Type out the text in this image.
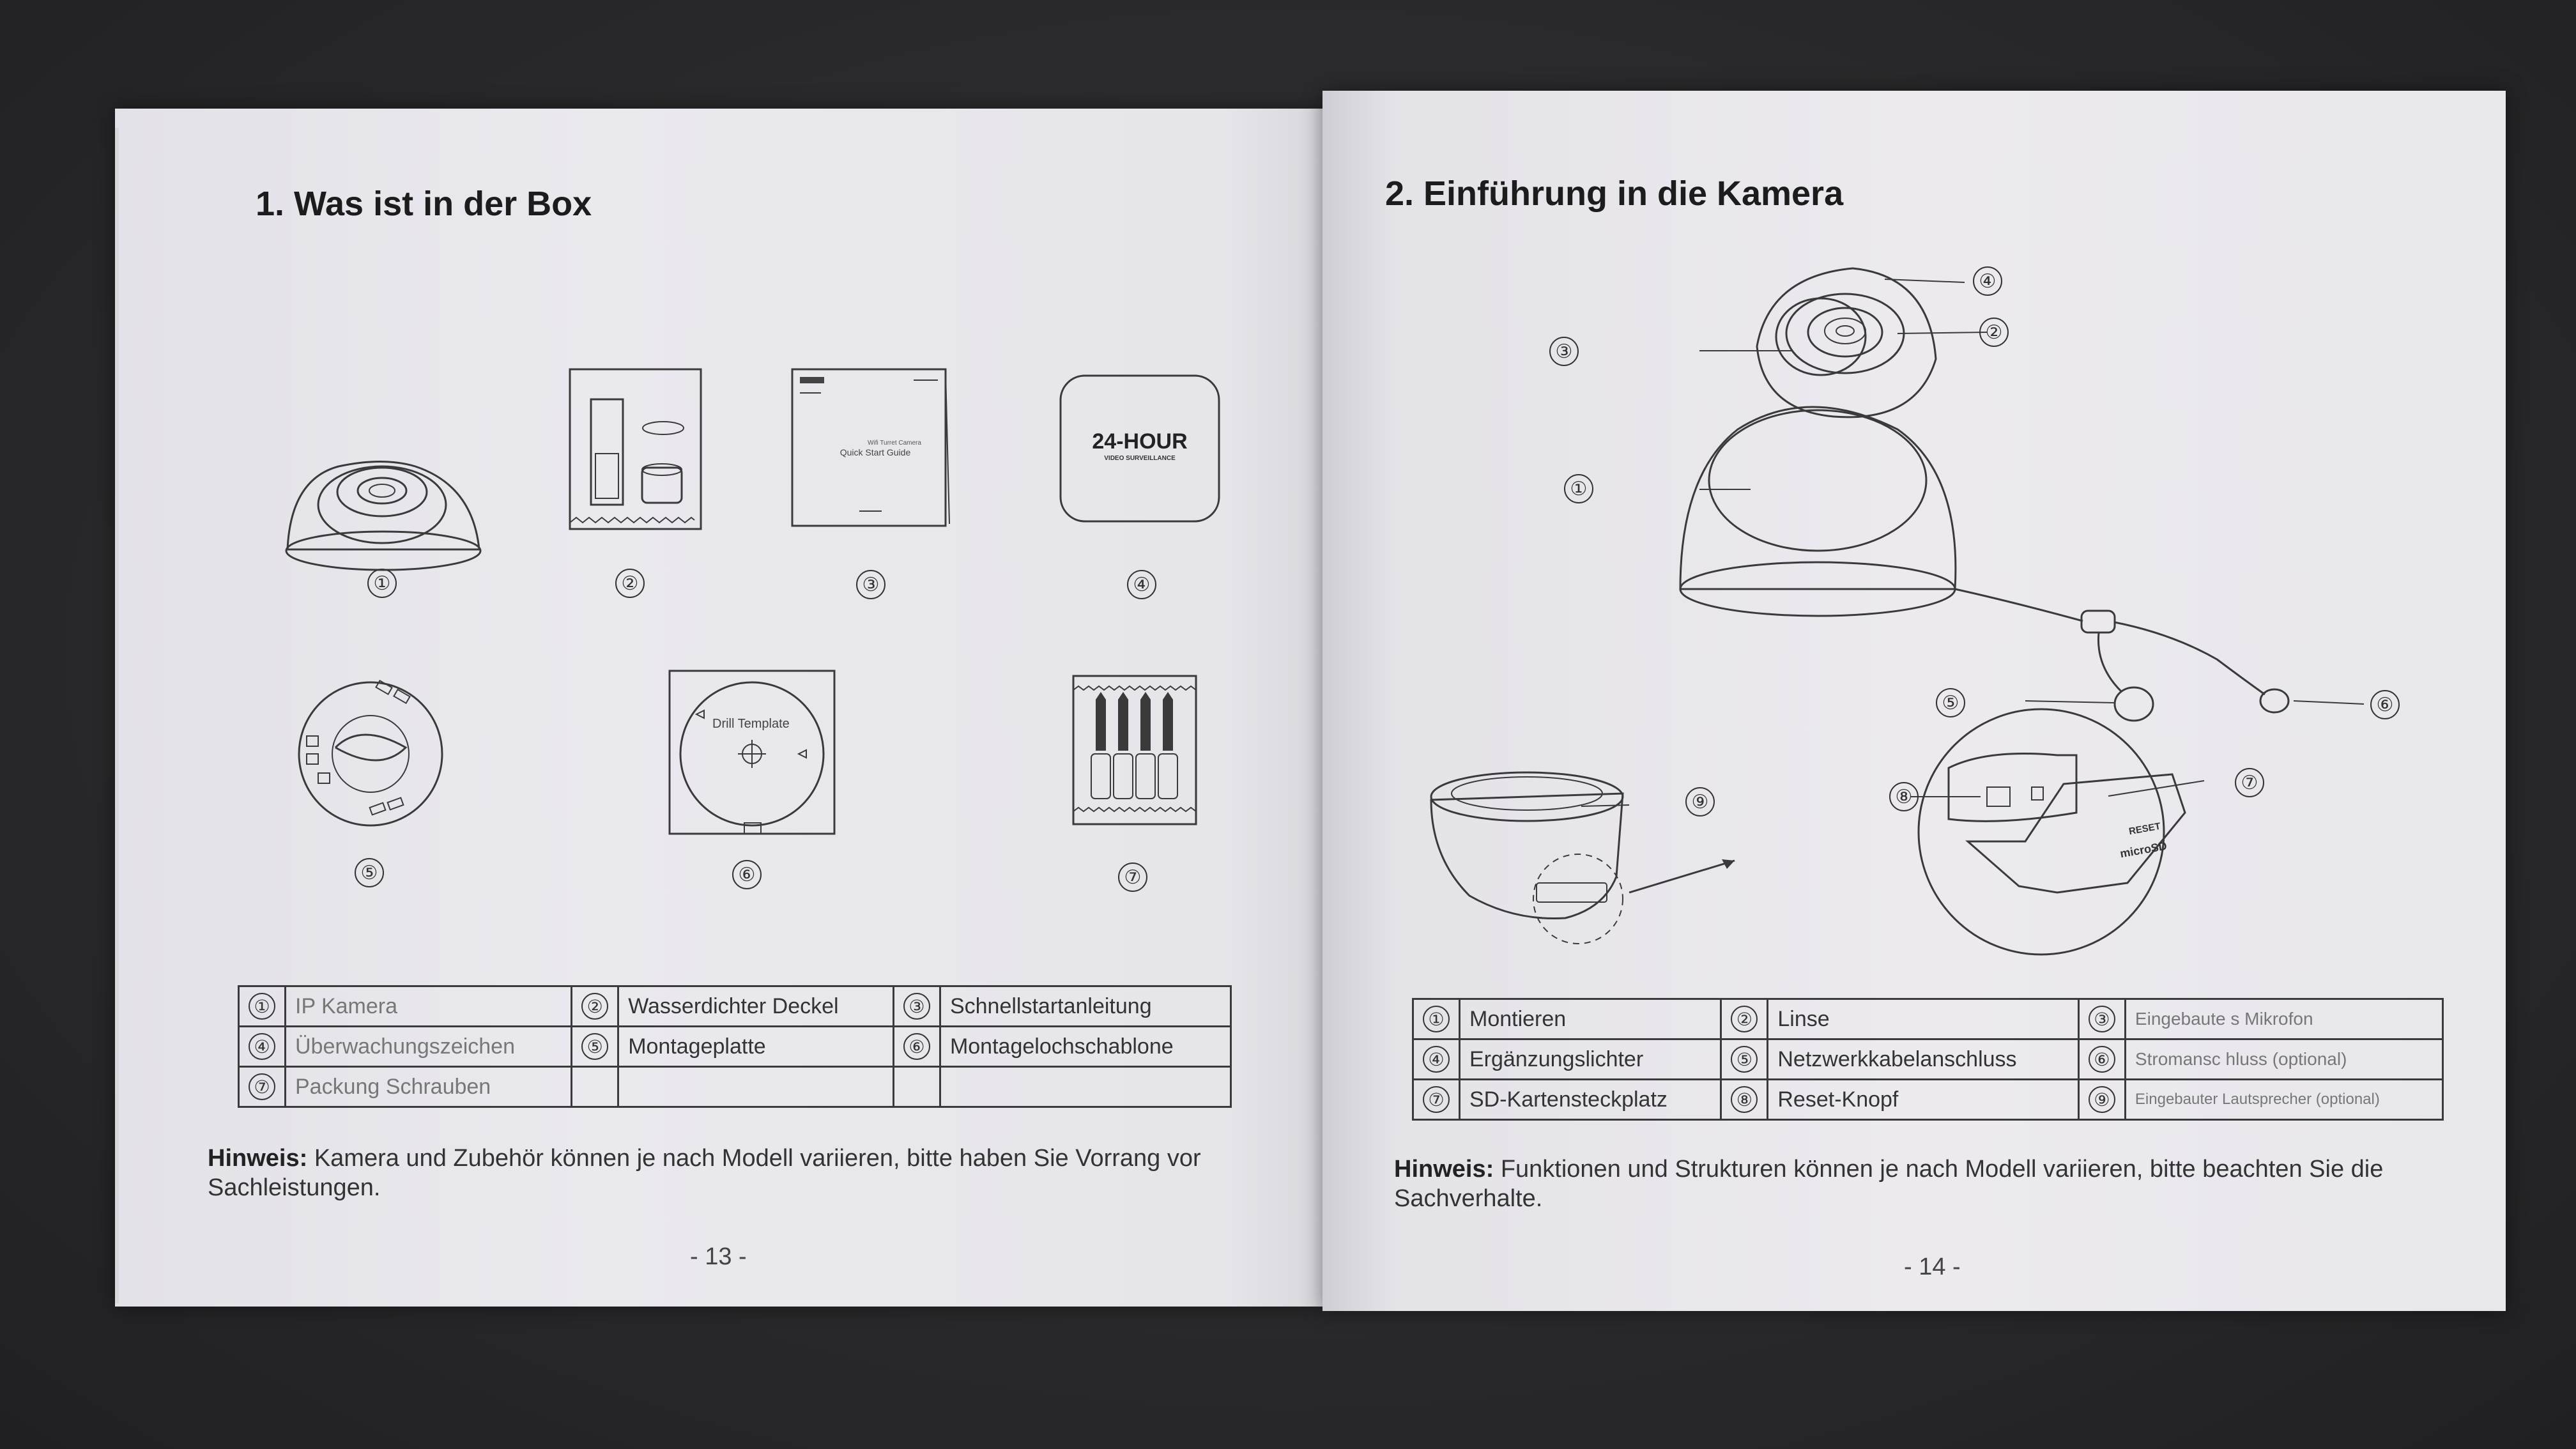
1. Was ist in der Box
Wifi Turret Camera
Quick Start Guide	24-HOUR
VIDEO SURVEILLANCE
Drill Template
①	②	③	④
⑤	⑥	⑦
①	IP Kamera	②	Wasserdichter Deckel	③	Schnellstartanleitung
④	Überwachungszeichen	⑤	Montageplatte	⑥	Montagelochschablone
⑦	Packung Schrauben				
Hinweis: Kamera und Zubehör können je nach Modell variieren, bitte haben Sie Vorrang vor Sachleistungen.
- 13 -
2. Einführung in die Kamera
RESET
microSD
④
②
③
①
⑤	⑥
⑦
⑧
⑨
①	Montieren	②	Linse	③	Eingebaute s Mikrofon
④	Ergänzungslichter	⑤	Netzwerkkabelanschluss	⑥	Stromansc hluss (optional)
⑦	SD-Kartensteckplatz	⑧	Reset-Knopf	⑨	Eingebauter Lautsprecher (optional)
Hinweis: Funktionen und Strukturen können je nach Modell variieren, bitte beachten Sie die Sachverhalte.
- 14 -
